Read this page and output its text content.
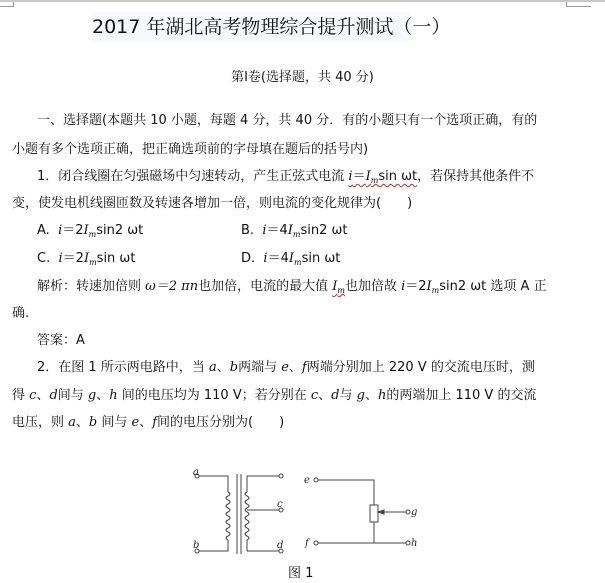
2017 年湖北高考物理综合提升测试（一）
第Ⅰ卷(选择题，共 40 分)
一、选择题(本题共 10 小题，每题 4 分，共 40 分．有的小题只有一个选项正确，有的
小题有多个选项正确，把正确选项前的字母填在题后的括号内)
1．闭合线圈在匀强磁场中匀速转动，产生正弦式电流 $i=I_m\sin$ ωt，若保持其他条件不
变，使发电机线圈匝数及转速各增加一倍，则电流的变化规律为(　　)
A. $i=2I_m\sin 2$ ωt	B. $i=4I_m\sin 2$ ωt
C. $i=2I_m\sin$ ωt	D. $i=4I_m\sin$ ωt
解析：转速加倍则 ω＝2 πn也加倍，电流的最大值 $I_m$也加倍故 $i=2I_m\sin 2$ ωt 选项 A 正
确.
答案：A
2．在图 1 所示两电路中，当 a、b两端与 e、f两端分别加上 220 V 的交流电压时，测
得 c、d间与 g、h 间的电压均为 110 V；若分别在 c、d与 g、h的两端加上 110 V 的交流
电压，则 a、b 间与 e、f间的电压分别为(　　)
a
b
c
d
e
f
g
h
图 1
